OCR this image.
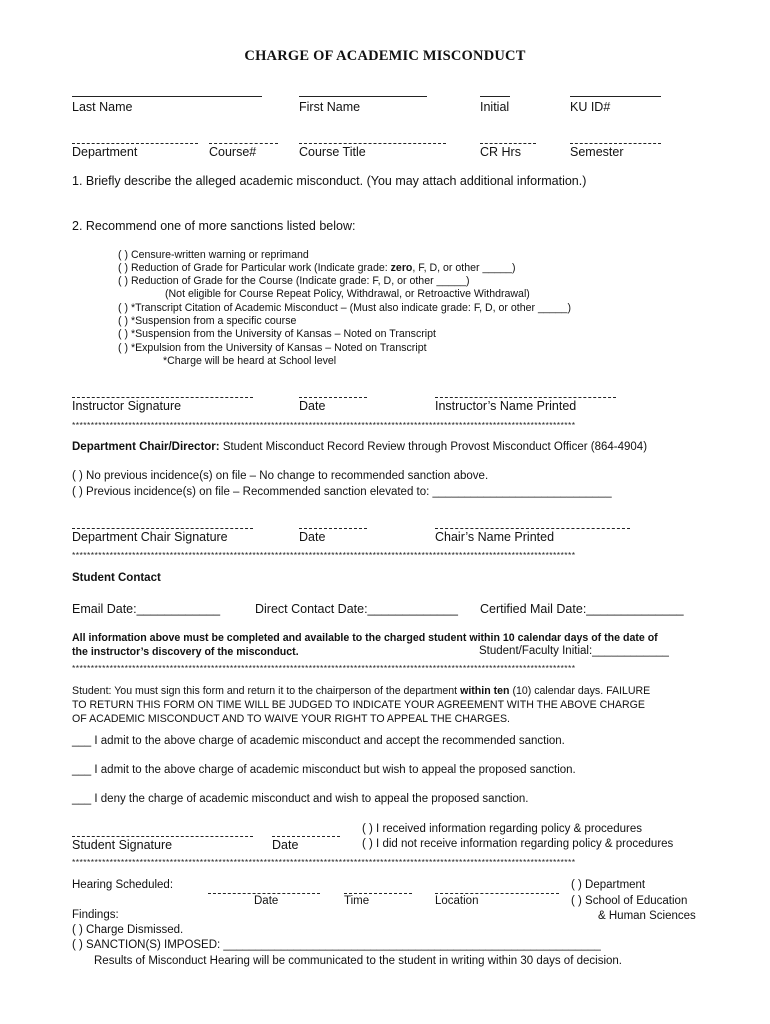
CHARGE OF ACADEMIC MISCONDUCT
Last Name	First Name	Initial	KU ID#
Department	Course#	Course Title	CR Hrs	Semester
1. Briefly describe the alleged academic misconduct. (You may attach additional information.)
2. Recommend one of more sanctions listed below:
( ) Censure-written warning or reprimand
( ) Reduction of Grade for Particular work (Indicate grade: zero, F, D, or other _____)
( ) Reduction of Grade for the Course (Indicate grade: F, D, or other _____)
(Not eligible for Course Repeat Policy, Withdrawal, or Retroactive Withdrawal)
( ) *Transcript Citation of Academic Misconduct – (Must also indicate grade: F, D, or other _____)
( ) *Suspension from a specific course
( ) *Suspension from the University of Kansas – Noted on Transcript
( ) *Expulsion from the University of Kansas – Noted on Transcript
*Charge will be heard at School level
Instructor Signature	Date	Instructor’s Name Printed
**************************************************************************************************************************************
Department Chair/Director: Student Misconduct Record Review through Provost Misconduct Officer (864-4904)
( ) No previous incidence(s) on file – No change to recommended sanction above.
( ) Previous incidence(s) on file – Recommended sanction elevated to: ____________________________
Department Chair Signature	Date	Chair’s Name Printed
**************************************************************************************************************************************
Student Contact
Email Date:____________	Direct Contact Date:_____________ Certified Mail Date:______________
All information above must be completed and available to the charged student within 10 calendar days of the date of
the instructor’s discovery of the misconduct.	Student/Faculty Initial:____________
**************************************************************************************************************************************
Student: You must sign this form and return it to the chairperson of the department within ten (10) calendar days. FAILURE
TO RETURN THIS FORM ON TIME WILL BE JUDGED TO INDICATE YOUR AGREEMENT WITH THE ABOVE CHARGE
OF ACADEMIC MISCONDUCT AND TO WAIVE YOUR RIGHT TO APPEAL THE CHARGES.
___ I admit to the above charge of academic misconduct and accept the recommended sanction.
___ I admit to the above charge of academic misconduct but wish to appeal the proposed sanction.
___ I deny the charge of academic misconduct and wish to appeal the proposed sanction.
Student Signature	Date
( ) I received information regarding policy & procedures
( ) I did not receive information regarding policy & procedures
**************************************************************************************************************************************
Hearing Scheduled:
Date	Time	Location
( ) Department
( ) School of Education
& Human Sciences
Findings:
( ) Charge Dismissed.
( ) SANCTION(S) IMPOSED: ___________________________________________________________
Results of Misconduct Hearing will be communicated to the student in writing within 30 days of decision.
